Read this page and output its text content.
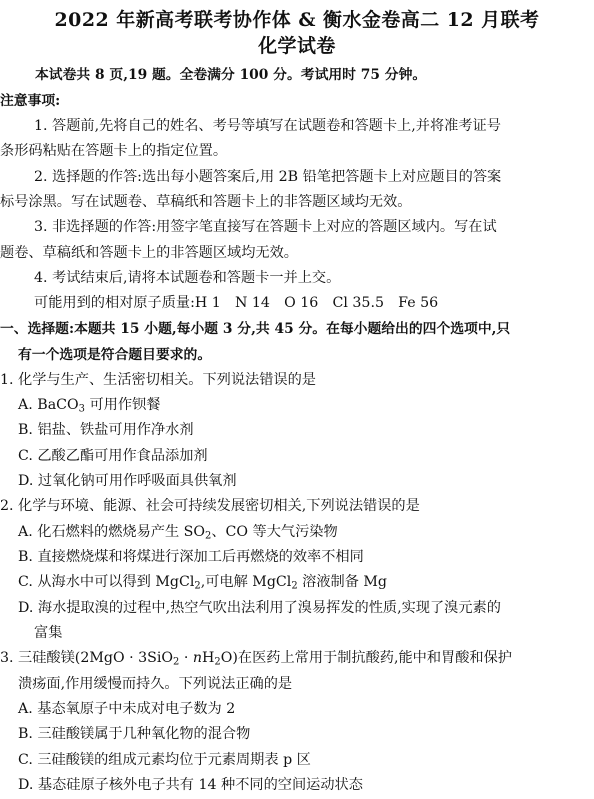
2022 年新高考联考协作体 & 衡水金卷高二 12 月联考
化学试卷
本试卷共 8 页,19 题。全卷满分 100 分。考试用时 75 分钟。
注意事项:
1. 答题前,先将自己的姓名、考号等填写在试题卷和答题卡上,并将准考证号
条形码粘贴在答题卡上的指定位置。
2. 选择题的作答:选出每小题答案后,用 2B 铅笔把答题卡上对应题目的答案
标号涂黑。写在试题卷、草稿纸和答题卡上的非答题区域均无效。
3. 非选择题的作答:用签字笔直接写在答题卡上对应的答题区域内。写在试
题卷、草稿纸和答题卡上的非答题区域均无效。
4. 考试结束后,请将本试题卷和答题卡一并上交。
可能用到的相对原子质量:H 1　N 14　O 16　Cl 35.5　Fe 56
一、选择题:本题共 15 小题,每小题 3 分,共 45 分。在每小题给出的四个选项中,只
有一个选项是符合题目要求的。
1. 化学与生产、生活密切相关。下列说法错误的是
A. BaCO$_3$ 可用作钡餐
B. 铝盐、铁盐可用作净水剂
C. 乙酸乙酯可用作食品添加剂
D. 过氧化钠可用作呼吸面具供氧剂
2. 化学与环境、能源、社会可持续发展密切相关,下列说法错误的是
A. 化石燃料的燃烧易产生 $SO_2$、CO 等大气污染物
B. 直接燃烧煤和将煤进行深加工后再燃烧的效率不相同
C. 从海水中可以得到 MgCl$_2$,可电解 MgCl$_2$ 溶液制备 Mg
D. 海水提取溴的过程中,热空气吹出法利用了溴易挥发的性质,实现了溴元素的
富集
3. 三硅酸镁$(2MgO \cdot 3SiO_2 \cdot nH_2O)$在医药上常用于制抗酸药,能中和胃酸和保护
溃疡面,作用缓慢而持久。下列说法正确的是
A. 基态氧原子中未成对电子数为 2
B. 三硅酸镁属于几种氧化物的混合物
C. 三硅酸镁的组成元素均位于元素周期表 p 区
D. 基态硅原子核外电子共有 14 种不同的空间运动状态
